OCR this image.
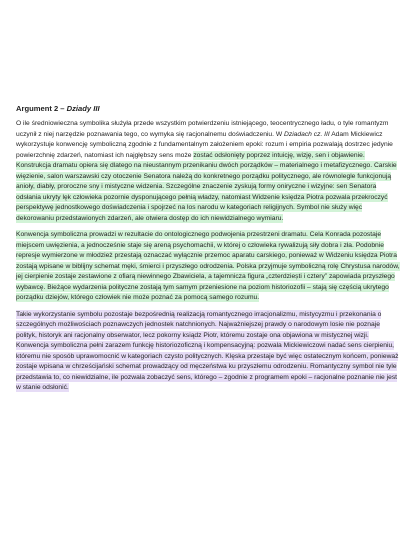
Argument 2 – Dziady III

O ile średniowieczna symbolika służyła przede wszystkim potwierdzeniu istniejącego, teocentrycznego ładu, o tyle romantyzm uczynił z niej narzędzie poznawania tego, co wymyka się racjonalnemu doświadczeniu. W Dziadach cz. III Adam Mickiewicz wykorzystuje konwencję symboliczną zgodnie z fundamentalnym założeniem epoki: rozum i empiria pozwalają dostrzec jedynie powierzchnię zdarzeń, natomiast ich najgłębszy sens może zostać odsłonięty poprzez intuicję, wizję, sen i objawienie.

Konstrukcja dramatu opiera się dlatego na nieustannym przenikaniu dwóch porządków – materialnego i metafizycznego. Carskie więzienie, salon warszawski czy otoczenie Senatora należą do konkretnego porządku politycznego, ale równolegle funkcjonują anioły, diabły, proroczne sny i mistyczne widzenia. Szczególne znaczenie zyskują formy oniryczne i wizyjne: sen Senatora odsłania ukryty lęk człowieka pozornie dysponującego pełnią władzy, natomiast Widzenie księdza Piotra pozwala przekroczyć perspektywę jednostkowego doświadczenia i spojrzeć na los narodu w kategoriach religijnych. Symbol nie służy więc dekorowaniu przedstawionych zdarzeń, ale otwiera dostęp do ich niewidzialnego wymiaru.

Konwencja symboliczna prowadzi w rezultacie do ontologicznego podwojenia przestrzeni dramatu. Cela Konrada pozostaje miejscem uwięzienia, a jednocześnie staje się areną psychomachii, w której o człowieka rywalizują siły dobra i zła. Podobnie represje wymierzone w młodzież przestają oznaczać wyłącznie przemoc aparatu carskiego, ponieważ w Widzeniu księdza Piotra zostają wpisane w biblijny schemat męki, śmierci i przyszłego odrodzenia. Polska przyjmuje symboliczną rolę Chrystusa narodów, jej cierpienie zostaje zestawione z ofiarą niewinnego Zbawiciela, a tajemnicza figura „czterdziești i cztery” zapowiada przyszłego wybawcę. Bieżące wydarzenia polityczne zostają tym samym przeniesione na poziom historiozofii – stają się częścią ukrytego porządku dziejów, którego człowiek nie może poznać za pomocą samego rozumu.

Takie wykorzystanie symbolu pozostaje bezpośrednią realizacją romantycznego irracjonalizmu, mistycyzmu i przekonania o szczególnych możliwościach poznawczych jednostek natchnionych. Najważniejszej prawdy o narodowym losie nie poznaje polityk, historyk ani racjonalny obserwator, lecz pokorny ksiądz Piotr, któremu zostaje ona objawiona w mistycznej wizji. Konwencja symboliczna pełni zarazem funkcję historiozoficzną i kompensacyjną: pozwala Mickiewiczowi nadać sens cierpieniu, któremu nie sposób uprawomocnić w kategoriach czysto politycznych. Klęska przestaje być więc ostatecznym końcem, ponieważ zostaje wpisana w chrześcijański schemat prowadzący od męczeństwa ku przyszłemu odrodzeniu. Romantyczny symbol nie tyle przedstawia to, co niewidzialne, ile pozwala zobaczyć sens, którego – zgodnie z programem epoki – racjonalne poznanie nie jest w stanie odsłonić.
